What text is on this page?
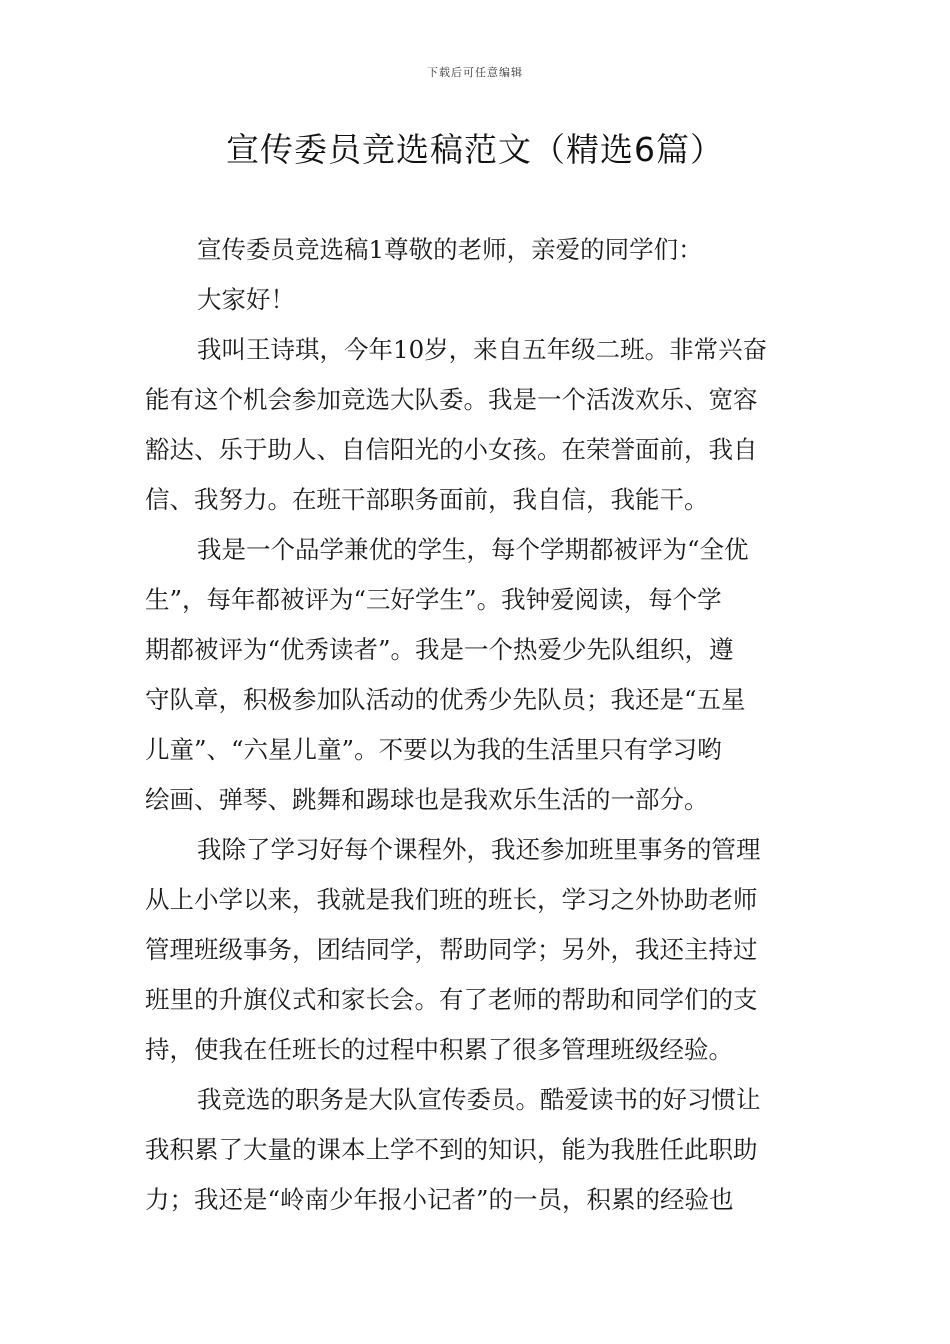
下载后可任意编辑
宣传委员竞选稿范文（精选6篇）
宣传委员竞选稿1尊敬的老师，亲爱的同学们：
大家好！
我叫王诗琪，今年10岁，来自五年级二班。非常兴奋
能有这个机会参加竞选大队委。我是一个活泼欢乐、宽容
豁达、乐于助人、自信阳光的小女孩。在荣誉面前，我自
信、我努力。在班干部职务面前，我自信，我能干。
我是一个品学兼优的学生，每个学期都被评为“全优
生”，每年都被评为“三好学生”。我钟爱阅读，每个学
期都被评为“优秀读者”。我是一个热爱少先队组织，遵
守队章，积极参加队活动的优秀少先队员；我还是“五星
儿童”、“六星儿童”。不要以为我的生活里只有学习哟
绘画、弹琴、跳舞和踢球也是我欢乐生活的一部分。
我除了学习好每个课程外，我还参加班里事务的管理
从上小学以来，我就是我们班的班长，学习之外协助老师
管理班级事务，团结同学，帮助同学；另外，我还主持过
班里的升旗仪式和家长会。有了老师的帮助和同学们的支
持，使我在任班长的过程中积累了很多管理班级经验。
我竞选的职务是大队宣传委员。酷爱读书的好习惯让
我积累了大量的课本上学不到的知识，能为我胜任此职助
力；我还是“岭南少年报小记者”的一员，积累的经验也
